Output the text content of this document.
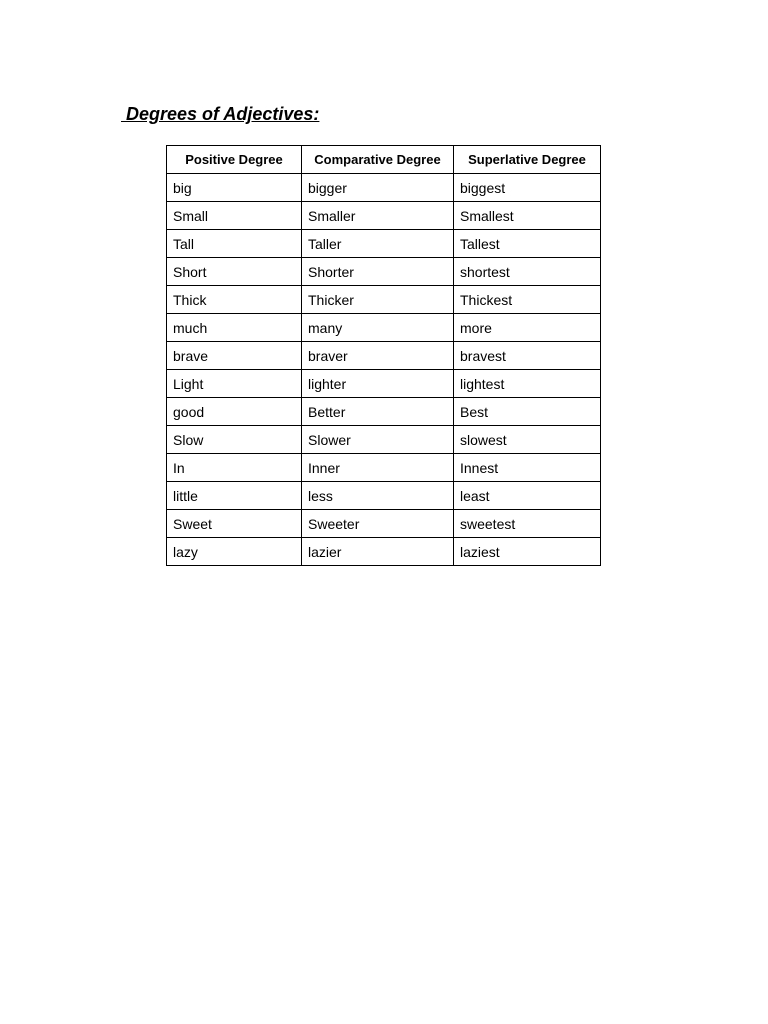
Degrees of Adjectives:
Positive Degree	Comparative Degree	Superlative Degree
big	bigger	biggest
Small	Smaller	Smallest
Tall	Taller	Tallest
Short	Shorter	shortest
Thick	Thicker	Thickest
much	many	more
brave	braver	bravest
Light	lighter	lightest
good	Better	Best
Slow	Slower	slowest
In	Inner	Innest
little	less	least
Sweet	Sweeter	sweetest
lazy	lazier	laziest
